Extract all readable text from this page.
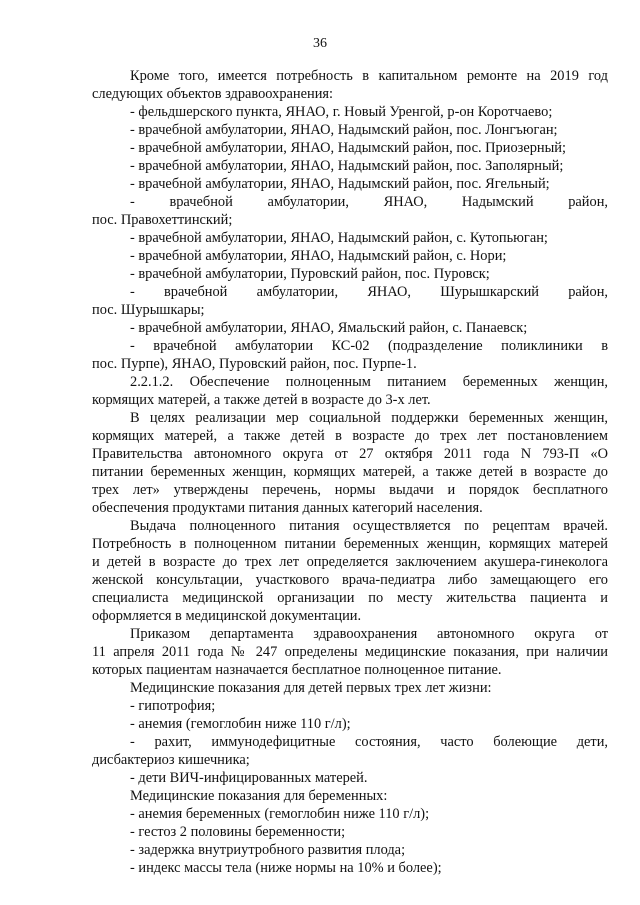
36
Кроме того, имеется потребность в капитальном ремонте на 2019 год
следующих объектов здравоохранения:
- фельдшерского пункта, ЯНАО, г. Новый Уренгой, р-он Коротчаево;
- врачебной амбулатории, ЯНАО, Надымский район, пос. Лонгъюган;
- врачебной амбулатории, ЯНАО, Надымский район, пос. Приозерный;
- врачебной амбулатории, ЯНАО, Надымский район, пос. Заполярный;
- врачебной амбулатории, ЯНАО, Надымский район, пос. Ягельный;
- врачебной амбулатории, ЯНАО, Надымский район,
пос. Правохеттинский;
- врачебной амбулатории, ЯНАО, Надымский район, с. Кутопьюган;
- врачебной амбулатории, ЯНАО, Надымский район, с. Нори;
- врачебной амбулатории, Пуровский район, пос. Пуровск;
- врачебной амбулатории, ЯНАО, Шурышкарский район,
пос. Шурышкары;
- врачебной амбулатории, ЯНАО, Ямальский район, с. Панаевск;
- врачебной амбулатории КС-02 (подразделение поликлиники в
пос. Пурпе), ЯНАО, Пуровский район, пос. Пурпе-1.
2.2.1.2. Обеспечение полноценным питанием беременных женщин,
кормящих матерей, а также детей в возрасте до 3-х лет.
В целях реализации мер социальной поддержки беременных женщин,
кормящих матерей, а также детей в возрасте до трех лет постановлением
Правительства автономного округа от 27 октября 2011 года N 793-П «О
питании беременных женщин, кормящих матерей, а также детей в возрасте до
трех лет» утверждены перечень, нормы выдачи и порядок бесплатного
обеспечения продуктами питания данных категорий населения.
Выдача полноценного питания осуществляется по рецептам врачей.
Потребность в полноценном питании беременных женщин, кормящих матерей
и детей в возрасте до трех лет определяется заключением акушера-гинеколога
женской консультации, участкового врача-педиатра либо замещающего его
специалиста медицинской организации по месту жительства пациента и
оформляется в медицинской документации.
Приказом департамента здравоохранения автономного округа от
11 апреля 2011 года № 247 определены медицинские показания, при наличии
которых пациентам назначается бесплатное полноценное питание.
Медицинские показания для детей первых трех лет жизни:
- гипотрофия;
- анемия (гемоглобин ниже 110 г/л);
- рахит, иммунодефицитные состояния, часто болеющие дети,
дисбактериоз кишечника;
- дети ВИЧ-инфицированных матерей.
Медицинские показания для беременных:
- анемия беременных (гемоглобин ниже 110 г/л);
- гестоз 2 половины беременности;
- задержка внутриутробного развития плода;
- индекс массы тела (ниже нормы на 10% и более);
